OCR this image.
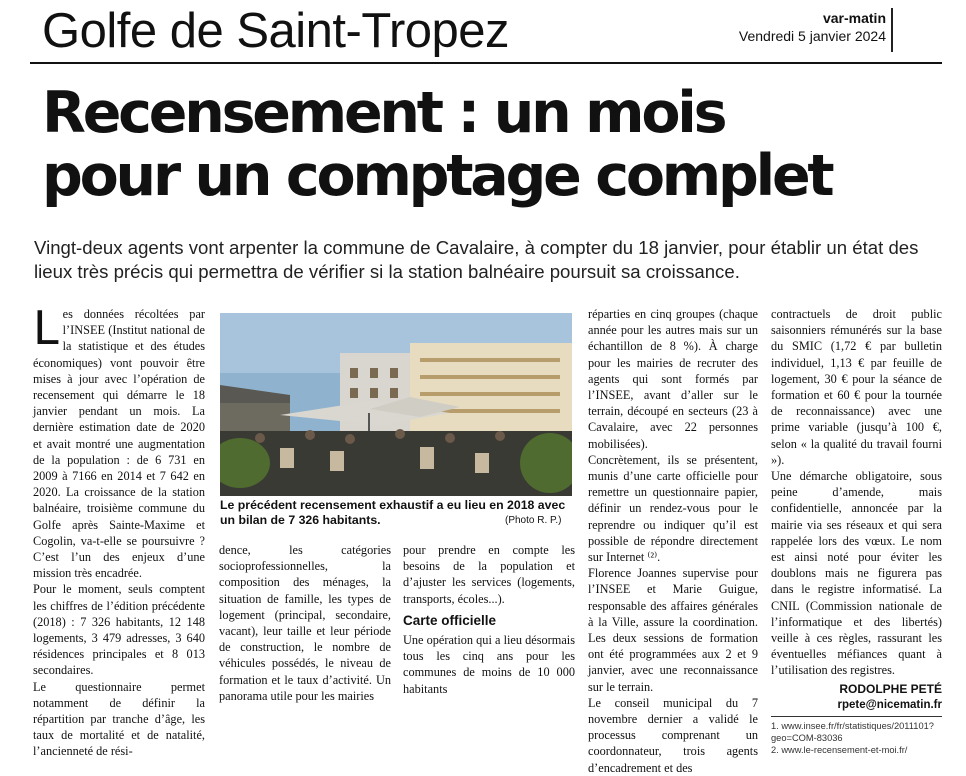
Golfe de Saint-Tropez	var-matin
Vendredi 5 janvier 2024
Recensement : un mois
pour un comptage complet
Vingt-deux agents vont arpenter la commune de Cavalaire, à compter du 18 janvier, pour établir un état des lieux très précis qui permettra de vérifier si la station balnéaire poursuit sa croissance.

Les données récoltées par l’INSEE (Institut national de la statistique et des études économiques) vont pouvoir être mises à jour avec l’opération de recensement qui démarre le 18 janvier pendant un mois. La dernière estimation date de 2020 et avait montré une augmentation de la population : de 6 731 en 2009 à 7166 en 2014 et 7 642 en 2020. La croissance de la station balnéaire, troisième commune du Golfe après Sainte-Maxime et Cogolin, va-t-elle se poursuivre ? C’est l’un des enjeux d’une mission très encadrée.

Pour le moment, seuls comptent les chiffres de l’édition précédente (2018) : 7 326 habitants, 12 148 logements, 3 479 adresses, 3 640 résidences principales et 8 013 secondaires.

Le questionnaire permet notamment de définir la répartition par tranche d’âge, les taux de mortalité et de natalité, l’ancienneté de rési-

Le précédent recensement exhaustif a eu lieu en 2018 avec un bilan de 7 326 habitants.	(Photo R. P.)

dence, les catégories socioprofessionnelles, la composition des ménages, la situation de famille, les types de logement (principal, secondaire, vacant), leur taille et leur période de construction, le nombre de véhicules possédés, le niveau de formation et le taux d’activité. Un panorama utile pour les mairies

pour prendre en compte les besoins de la population et d’ajuster les services (logements, transports, écoles...).

Carte officielle

Une opération qui a lieu désormais tous les cinq ans pour les communes de moins de 10 000 habitants

réparties en cinq groupes (chaque année pour les autres mais sur un échantillon de 8 %). À charge pour les mairies de recruter des agents qui sont formés par l’INSEE, avant d’aller sur le terrain, découpé en secteurs (23 à Cavalaire, avec 22 personnes mobilisées).

Concrètement, ils se présentent, munis d’une carte officielle pour remettre un questionnaire papier, définir un rendez-vous pour le reprendre ou indiquer qu’il est possible de répondre directement sur Internet ⁽²⁾.

Florence Joannes supervise pour l’INSEE et Marie Guigue, responsable des affaires générales à la Ville, assure la coordination. Les deux sessions de formation ont été programmées aux 2 et 9 janvier, avec une reconnaissance sur le terrain.

Le conseil municipal du 7 novembre dernier a validé le processus comprenant un coordonnateur, trois agents d’encadrement et des

contractuels de droit public saisonniers rémunérés sur la base du SMIC (1,72 € par bulletin individuel, 1,13 € par feuille de logement, 30 € pour la séance de formation et 60 € pour la tournée de reconnaissance) avec une prime variable (jusqu’à 100 €, selon « la qualité du travail fourni »).

Une démarche obligatoire, sous peine d’amende, mais confidentielle, annoncée par la mairie via ses réseaux et qui sera rappelée lors des vœux. Le nom est ainsi noté pour éviter les doublons mais ne figurera pas dans le registre informatisé. La CNIL (Commission nationale de l’informatique et des libertés) veille à ces règles, rassurant les éventuelles méfiances quant à l’utilisation des registres.

RODOLPHE PETÉ
rpete@nicematin.fr
1. www.insee.fr/fr/statistiques/2011101?geo=COM-83036
2. www.le-recensement-et-moi.fr/
